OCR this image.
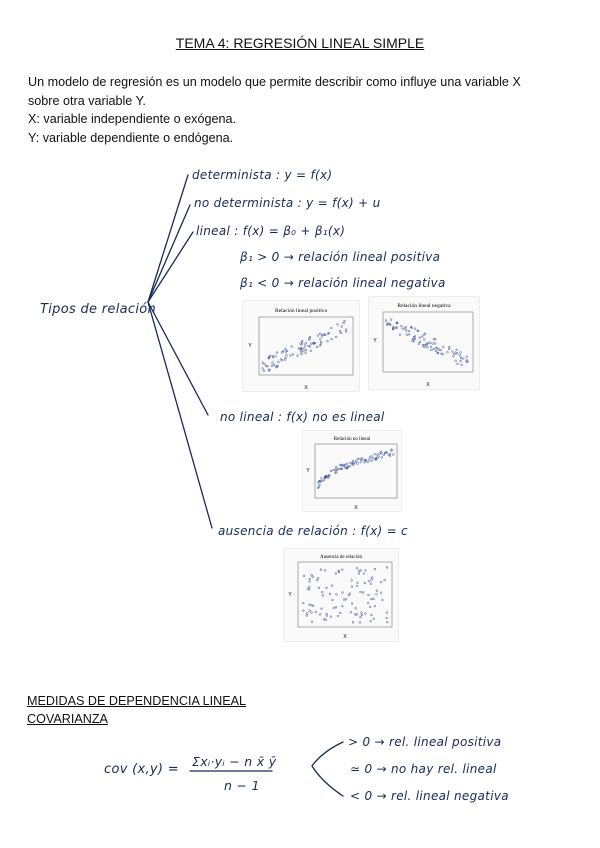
TEMA 4: REGRESIÓN LINEAL SIMPLE
Un modelo de regresión es un modelo que permite describir como influye una variable X
sobre otra variable Y.
X: variable independiente o exógena.
Y: variable dependiente o endógena.
Tipos de relación
determinista : y = f(x)
no determinista : y = f(x) + u
lineal : f(x) = β₀ + β₁(x)
β₁ > 0 → relación lineal positiva
β₁ < 0 → relación lineal negativa
no lineal : f(x) no es lineal
ausencia de relación : f(x) = c
Relación lineal positiva
X
Y
Relación lineal negativa
X
Y
Relación no lineal
X
Y
Ausencia de relación
X
Y
MEDIDAS DE DEPENDENCIA LINEAL
COVARIANZA
cov (x,y) =
Σxᵢ·yᵢ − n x̄ ȳ
n − 1
> 0 → rel. lineal positiva
≃ 0 → no hay rel. lineal
< 0 → rel. lineal negativa
